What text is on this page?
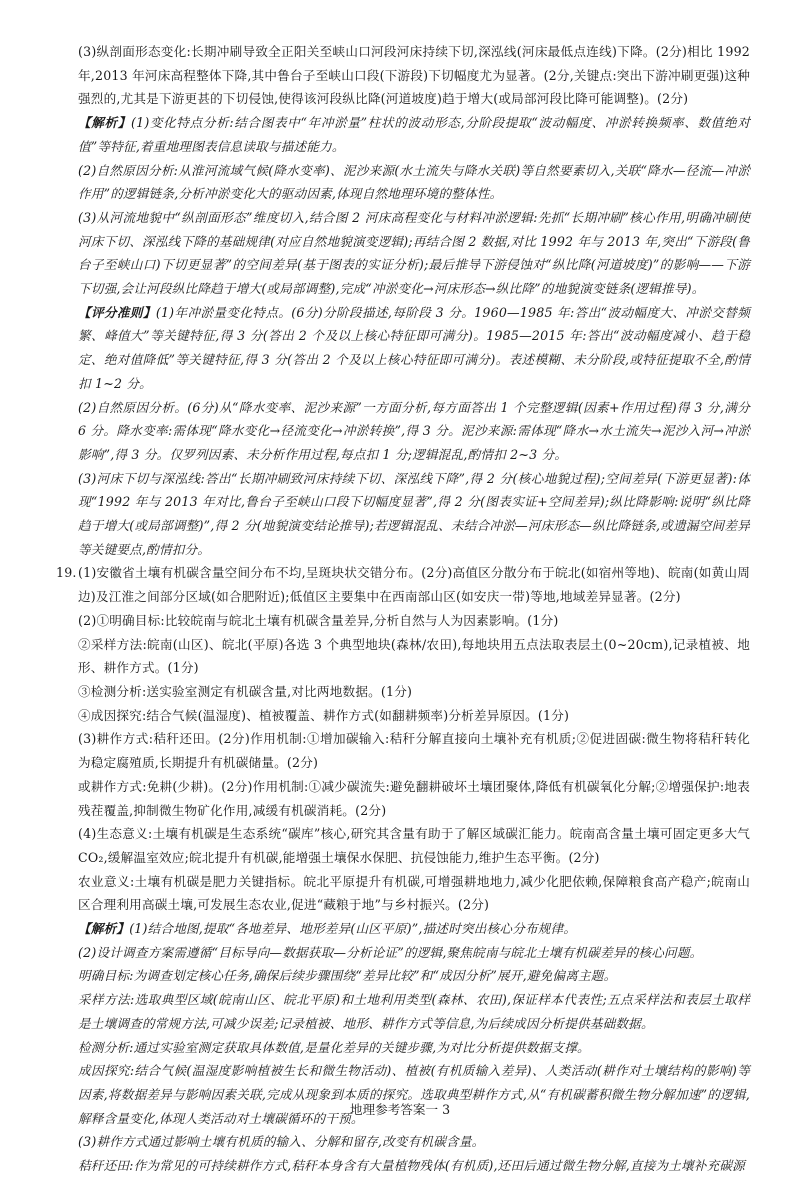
(3)纵剖面形态变化:长期冲刷导致全正阳关至峡山口河段河床持续下切,深泓线(河床最低点连线)下降。(2分)相比 1992 年,2013 年河床高程整体下降,其中鲁台子至峡山口段(下游段)下切幅度尤为显著。(2分,关键点:突出下游冲刷更强)这种强烈的,尤其是下游更甚的下切侵蚀,使得该河段纵比降(河道坡度)趋于增大(或局部河段比降可能调整)。(2分)

【解析】(1)变化特点分析:结合图表中“年冲淤量”柱状的波动形态,分阶段提取“波动幅度、冲淤转换频率、数值绝对值”等特征,着重地理图表信息读取与描述能力。

(2)自然原因分析:从淮河流域气候(降水变率)、泥沙来源(水土流失与降水关联)等自然要素切入,关联“降水—径流—冲淤作用”的逻辑链条,分析冲淤变化大的驱动因素,体现自然地理环境的整体性。

(3)从河流地貌中“纵剖面形态”维度切入,结合图 2 河床高程变化与材料冲淤逻辑:先抓“长期冲刷”核心作用,明确冲刷使河床下切、深泓线下降的基础规律(对应自然地貌演变逻辑);再结合图 2 数据,对比 1992 年与 2013 年,突出“下游段(鲁台子至峡山口)下切更显著”的空间差异(基于图表的实证分析);最后推导下游侵蚀对“纵比降(河道坡度)”的影响——下游下切强,会让河段纵比降趋于增大(或局部调整),完成“冲淤变化→河床形态→纵比降”的地貌演变链条(逻辑推导)。

【评分准则】(1)年冲淤量变化特点。(6分)分阶段描述,每阶段 3 分。1960—1985 年:答出“波动幅度大、冲淤交替频繁、峰值大”等关键特征,得 3 分(答出 2 个及以上核心特征即可满分)。1985—2015 年:答出“波动幅度减小、趋于稳定、绝对值降低”等关键特征,得 3 分(答出 2 个及以上核心特征即可满分)。表述模糊、未分阶段,或特征提取不全,酌情扣 1~2 分。

(2)自然原因分析。(6分)从“降水变率、泥沙来源”一方面分析,每方面答出 1 个完整逻辑(因素+作用过程)得 3 分,满分 6 分。降水变率:需体现“降水变化→径流变化→冲淤转换”,得 3 分。泥沙来源:需体现“降水→水土流失→泥沙入河→冲淤影响”,得 3 分。仅罗列因素、未分析作用过程,每点扣 1 分;逻辑混乱,酌情扣 2~3 分。

(3)河床下切与深泓线:答出“长期冲刷致河床持续下切、深泓线下降”,得 2 分(核心地貌过程);空间差异(下游更显著):体现“1992 年与 2013 年对比,鲁台子至峡山口段下切幅度显著”,得 2 分(图表实证+空间差异);纵比降影响:说明“纵比降趋于增大(或局部调整)”,得 2 分(地貌演变结论推导);若逻辑混乱、未结合冲淤—河床形态—纵比降链条,或遗漏空间差异等关键要点,酌情扣分。

19. (1)安徽省土壤有机碳含量空间分布不均,呈斑块状交错分布。(2分)高值区分散分布于皖北(如宿州等地)、皖南(如黄山周边)及江淮之间部分区域(如合肥附近);低值区主要集中在西南部山区(如安庆一带)等地,地域差异显著。(2分)

(2)①明确目标:比较皖南与皖北土壤有机碳含量差异,分析自然与人为因素影响。(1分)

②采样方法:皖南(山区)、皖北(平原)各选 3 个典型地块(森林/农田),每地块用五点法取表层土(0~20cm),记录植被、地形、耕作方式。(1分)

③检测分析:送实验室测定有机碳含量,对比两地数据。(1分)

④成因探究:结合气候(温湿度)、植被覆盖、耕作方式(如翻耕频率)分析差异原因。(1分)

(3)耕作方式:秸秆还田。(2分)作用机制:①增加碳输入:秸秆分解直接向土壤补充有机质;②促进固碳:微生物将秸秆转化为稳定腐殖质,长期提升有机碳储量。(2分)

或耕作方式:免耕(少耕)。(2分)作用机制:①减少碳流失:避免翻耕破坏土壤团聚体,降低有机碳氧化分解;②增强保护:地表残茬覆盖,抑制微生物矿化作用,减缓有机碳消耗。(2分)

(4)生态意义:土壤有机碳是生态系统“碳库”核心,研究其含量有助于了解区域碳汇能力。皖南高含量土壤可固定更多大气 CO₂,缓解温室效应;皖北提升有机碳,能增强土壤保水保肥、抗侵蚀能力,维护生态平衡。(2分)

农业意义:土壤有机碳是肥力关键指标。皖北平原提升有机碳,可增强耕地地力,减少化肥依赖,保障粮食高产稳产;皖南山区合理利用高碳土壤,可发展生态农业,促进“藏粮于地”与乡村振兴。(2分)

【解析】(1)结合地图,提取“各地差异、地形差异(山区平原)”,描述时突出核心分布规律。

(2)设计调查方案需遵循“目标导向—数据获取—分析论证”的逻辑,聚焦皖南与皖北土壤有机碳差异的核心问题。

明确目标:为调查划定核心任务,确保后续步骤围绕“差异比较”和“成因分析”展开,避免偏离主题。

采样方法:选取典型区域(皖南山区、皖北平原)和土地利用类型(森林、农田),保证样本代表性;五点采样法和表层土取样是土壤调查的常规方法,可减少误差;记录植被、地形、耕作方式等信息,为后续成因分析提供基础数据。

检测分析:通过实验室测定获取具体数值,是量化差异的关键步骤,为对比分析提供数据支撑。

成因探究:结合气候(温湿度影响植被生长和微生物活动)、植被(有机质输入差异)、人类活动(耕作对土壤结构的影响)等因素,将数据差异与影响因素关联,完成从现象到本质的探究。选取典型耕作方式,从“有机碳蓄积微生物分解加速”的逻辑,解释含量变化,体现人类活动对土壤碳循环的干预。

(3)耕作方式通过影响土壤有机质的输入、分解和留存,改变有机碳含量。

秸秆还田:作为常见的可持续耕作方式,秸秆本身含有大量植物残体(有机质),还田后通过微生物分解,直接为土壤补充碳源

地理参考答案一 3
